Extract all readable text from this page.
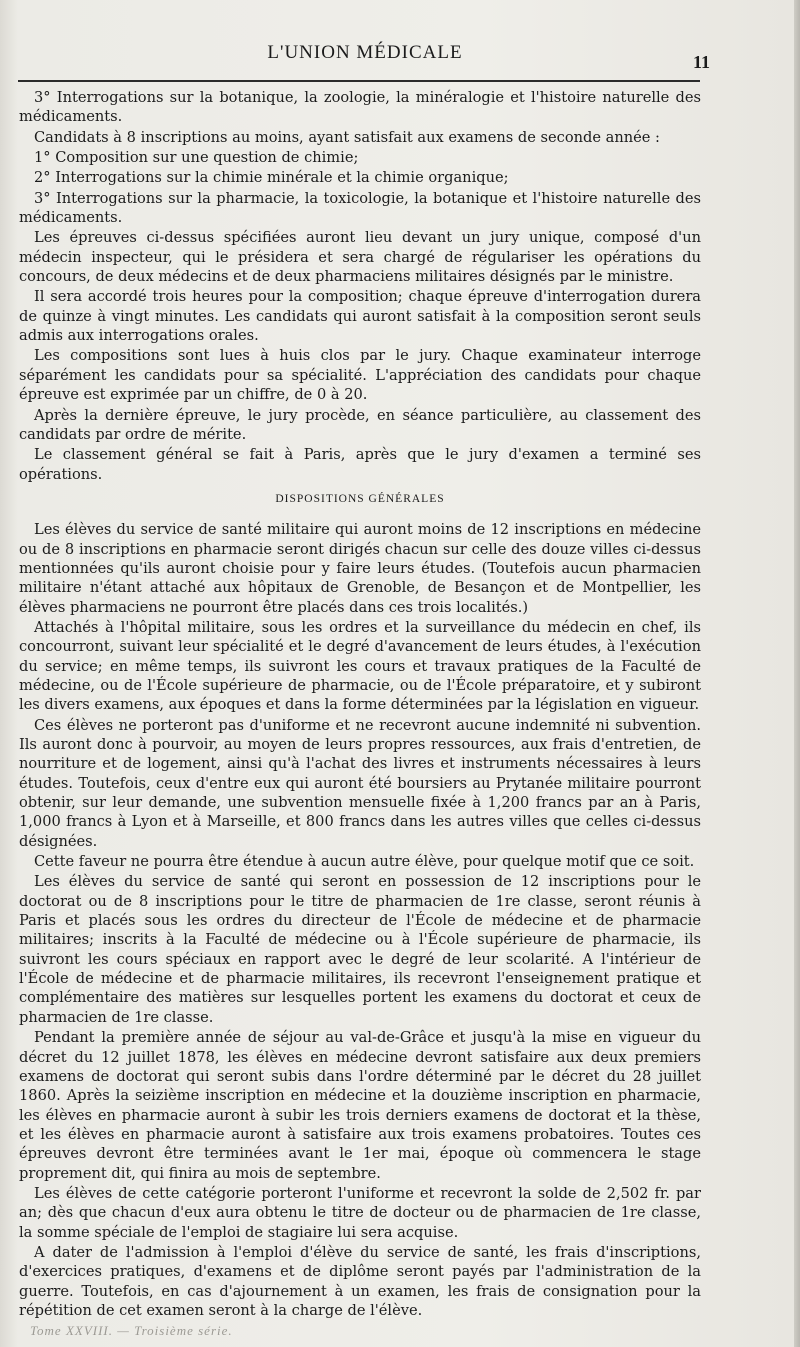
L'UNION MÉDICALE	11

3° Interrogations sur la botanique, la zoologie, la minéralogie et l'histoire naturelle des médicaments.

Candidats à 8 inscriptions au moins, ayant satisfait aux examens de seconde année :

1° Composition sur une question de chimie;

2° Interrogations sur la chimie minérale et la chimie organique;

3° Interrogations sur la pharmacie, la toxicologie, la botanique et l'histoire naturelle des médicaments.

Les épreuves ci-dessus spécifiées auront lieu devant un jury unique, composé d'un médecin inspecteur, qui le présidera et sera chargé de régulariser les opérations du concours, de deux médecins et de deux pharmaciens militaires désignés par le ministre.

Il sera accordé trois heures pour la composition; chaque épreuve d'interrogation durera de quinze à vingt minutes. Les candidats qui auront satisfait à la composition seront seuls admis aux interrogations orales.

Les compositions sont lues à huis clos par le jury. Chaque examinateur interroge séparément les candidats pour sa spécialité. L'appréciation des candidats pour chaque épreuve est exprimée par un chiffre, de 0 à 20.

Après la dernière épreuve, le jury procède, en séance particulière, au classement des candidats par ordre de mérite.

Le classement général se fait à Paris, après que le jury d'examen a terminé ses opérations.

DISPOSITIONS GÉNÉRALES

Les élèves du service de santé militaire qui auront moins de 12 inscriptions en médecine ou de 8 inscriptions en pharmacie seront dirigés chacun sur celle des douze villes ci-dessus mentionnées qu'ils auront choisie pour y faire leurs études. (Toutefois aucun pharmacien militaire n'étant attaché aux hôpitaux de Grenoble, de Besançon et de Montpellier, les élèves pharmaciens ne pourront être placés dans ces trois localités.)

Attachés à l'hôpital militaire, sous les ordres et la surveillance du médecin en chef, ils concourront, suivant leur spécialité et le degré d'avancement de leurs études, à l'exécution du service; en même temps, ils suivront les cours et travaux pratiques de la Faculté de médecine, ou de l'École supérieure de pharmacie, ou de l'École préparatoire, et y subiront les divers examens, aux époques et dans la forme déterminées par la législation en vigueur.

Ces élèves ne porteront pas d'uniforme et ne recevront aucune indemnité ni subvention. Ils auront donc à pourvoir, au moyen de leurs propres ressources, aux frais d'entretien, de nourriture et de logement, ainsi qu'à l'achat des livres et instruments nécessaires à leurs études. Toutefois, ceux d'entre eux qui auront été boursiers au Prytanée militaire pourront obtenir, sur leur demande, une subvention mensuelle fixée à 1,200 francs par an à Paris, 1,000 francs à Lyon et à Marseille, et 800 francs dans les autres villes que celles ci-dessus désignées.

Cette faveur ne pourra être étendue à aucun autre élève, pour quelque motif que ce soit.

Les élèves du service de santé qui seront en possession de 12 inscriptions pour le doctorat ou de 8 inscriptions pour le titre de pharmacien de 1re classe, seront réunis à Paris et placés sous les ordres du directeur de l'École de médecine et de pharmacie militaires; inscrits à la Faculté de médecine ou à l'École supérieure de pharmacie, ils suivront les cours spéciaux en rapport avec le degré de leur scolarité. A l'intérieur de l'École de médecine et de pharmacie militaires, ils recevront l'enseignement pratique et complémentaire des matières sur lesquelles portent les examens du doctorat et ceux de pharmacien de 1re classe.

Pendant la première année de séjour au val-de-Grâce et jusqu'à la mise en vigueur du décret du 12 juillet 1878, les élèves en médecine devront satisfaire aux deux premiers examens de doctorat qui seront subis dans l'ordre déterminé par le décret du 28 juillet 1860. Après la seizième inscription en médecine et la douzième inscription en pharmacie, les élèves en pharmacie auront à subir les trois derniers examens de doctorat et la thèse, et les élèves en pharmacie auront à satisfaire aux trois examens probatoires. Toutes ces épreuves devront être terminées avant le 1er mai, époque où commencera le stage proprement dit, qui finira au mois de septembre.

Les élèves de cette catégorie porteront l'uniforme et recevront la solde de 2,502 fr. par an; dès que chacun d'eux aura obtenu le titre de docteur ou de pharmacien de 1re classe, la somme spéciale de l'emploi de stagiaire lui sera acquise.

A dater de l'admission à l'emploi d'élève du service de santé, les frais d'inscriptions, d'exercices pratiques, d'examens et de diplôme seront payés par l'administration de la guerre. Toutefois, en cas d'ajournement à un examen, les frais de consignation pour la répétition de cet examen seront à la charge de l'élève.

Tome XXVIII. — Troisième série.
